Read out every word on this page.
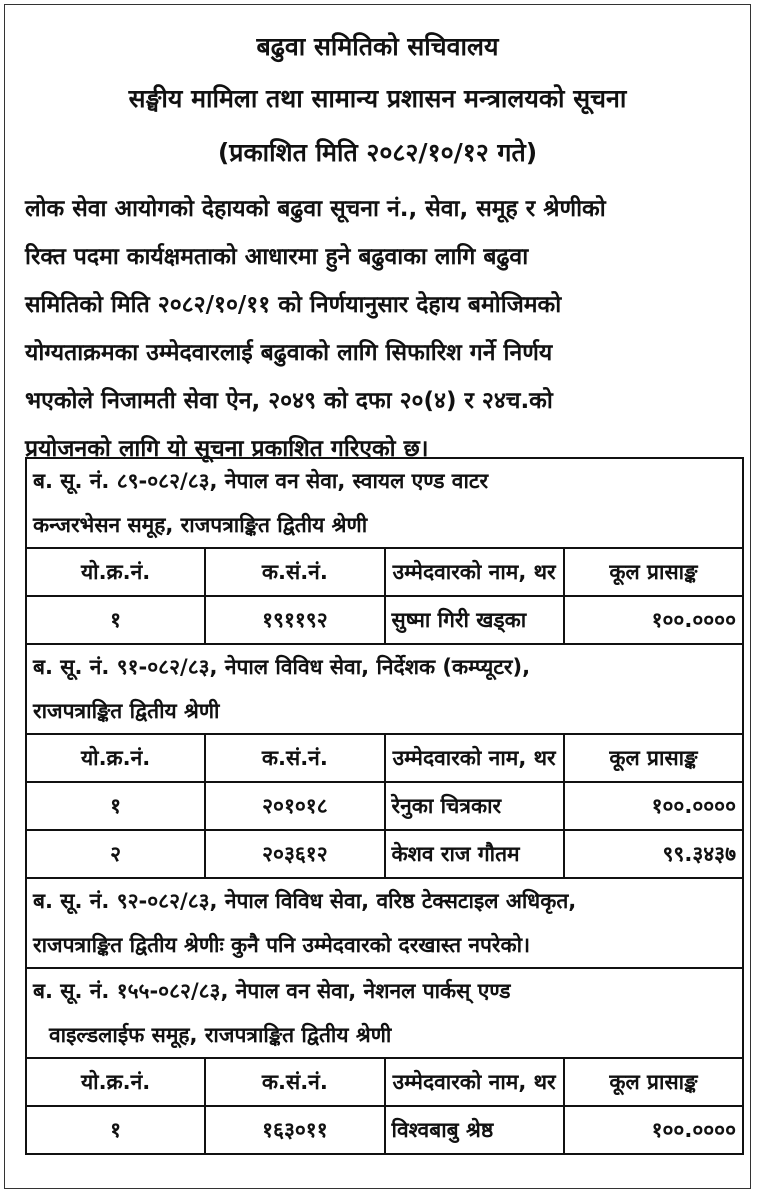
बढुवा समितिको सचिवालय
सङ्घीय मामिला तथा सामान्य प्रशासन मन्त्रालयको सूचना
(प्रकाशित मिति २०८२/१०/१२ गते)
लोक सेवा आयोगको देहायको बढुवा सूचना नं., सेवा, समूह र श्रेणीको
रिक्त पदमा कार्यक्षमताको आधारमा हुने बढुवाका लागि बढुवा
समितिको मिति २०८२/१०/११ को निर्णयानुसार देहाय बमोजिमको
योग्यताक्रमका उम्मेदवारलाई बढुवाको लागि सिफारिश गर्ने निर्णय
भएकोले निजामती सेवा ऐन, २०४९ को दफा २०(४) र २४च.को
प्रयोजनको लागि यो सूचना प्रकाशित गरिएको छ।
ब. सू. नं. ८९-०८२/८३, नेपाल वन सेवा, स्वायल एण्ड वाटर
कन्जरभेसन समूह, राजपत्राङ्कित द्वितीय श्रेणी			

यो.क्र.नं.	क.सं.नं.	उम्मेदवारको नाम, थर	कूल प्रासाङ्क
१	१९११९२	सुष्मा गिरी खड्का	१००.००००

ब. सू. नं. ९१-०८२/८३, नेपाल विविध सेवा, निर्देशक (कम्प्यूटर),
राजपत्राङ्कित द्वितीय श्रेणी			

यो.क्र.नं.	क.सं.नं.	उम्मेदवारको नाम, थर	कूल प्रासाङ्क
१	२०१०१८	रेनुका चित्रकार	१००.००००
२	२०३६१२	केशव राज गौतम	९९.३४३७

ब. सू. नं. ९२-०८२/८३, नेपाल विविध सेवा, वरिष्ठ टेक्सटाइल अधिकृत,
राजपत्राङ्कित द्वितीय श्रेणीः कुनै पनि उम्मेदवारको दरखास्त नपरेको।			

ब. सू. नं. १५५-०८२/८३, नेपाल वन सेवा, नेशनल पार्कस् एण्ड
वाइल्डलाईफ समूह, राजपत्राङ्कित द्वितीय श्रेणी			

यो.क्र.नं.	क.सं.नं.	उम्मेदवारको नाम, थर	कूल प्रासाङ्क
१	१६३०११	विश्वबाबु श्रेष्ठ	१००.००००
